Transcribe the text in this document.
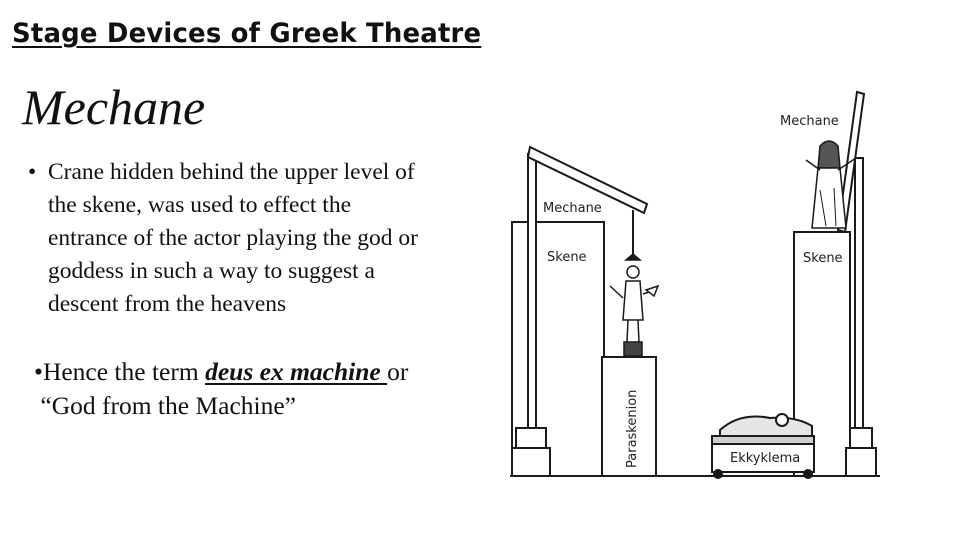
Stage Devices of Greek Theatre
Mechane
• Crane hidden behind the upper level of
the skene, was used to effect the
entrance of the actor playing the god or
goddess in such a way to suggest a
descent from the heavens
•Hence the term deus ex machine or
“God from the Machine”
Mechane
Skene
Mechane
Skene
Paraskenion	Ekkyklema
